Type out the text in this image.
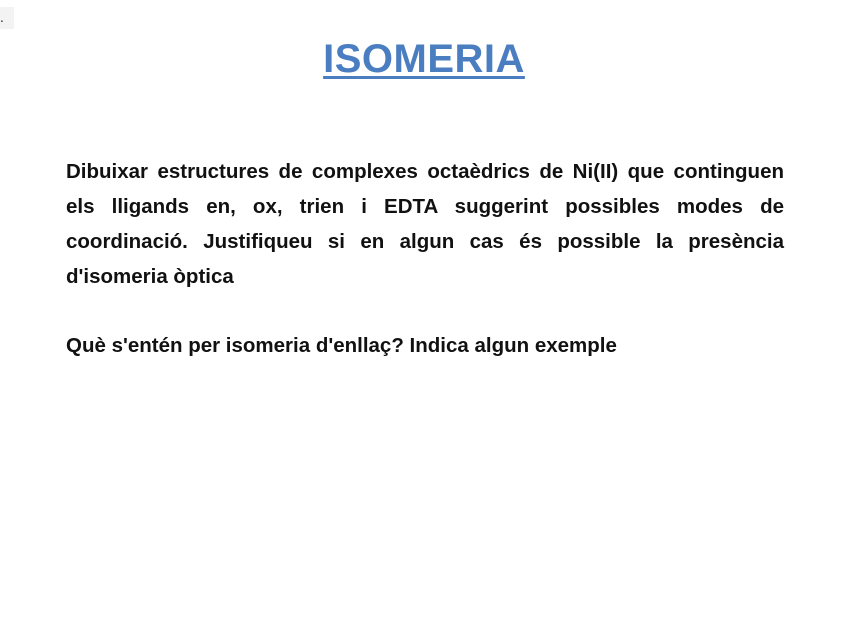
.
ISOMERIA

Dibuixar estructures de complexes octaèdrics de Ni(II) que continguen els lligands en, ox, trien i EDTA suggerint possibles modes de coordinació. Justifiqueu si en algun cas és possible la presència d'isomeria òptica

Què s'entén per isomeria d'enllaç? Indica algun exemple
